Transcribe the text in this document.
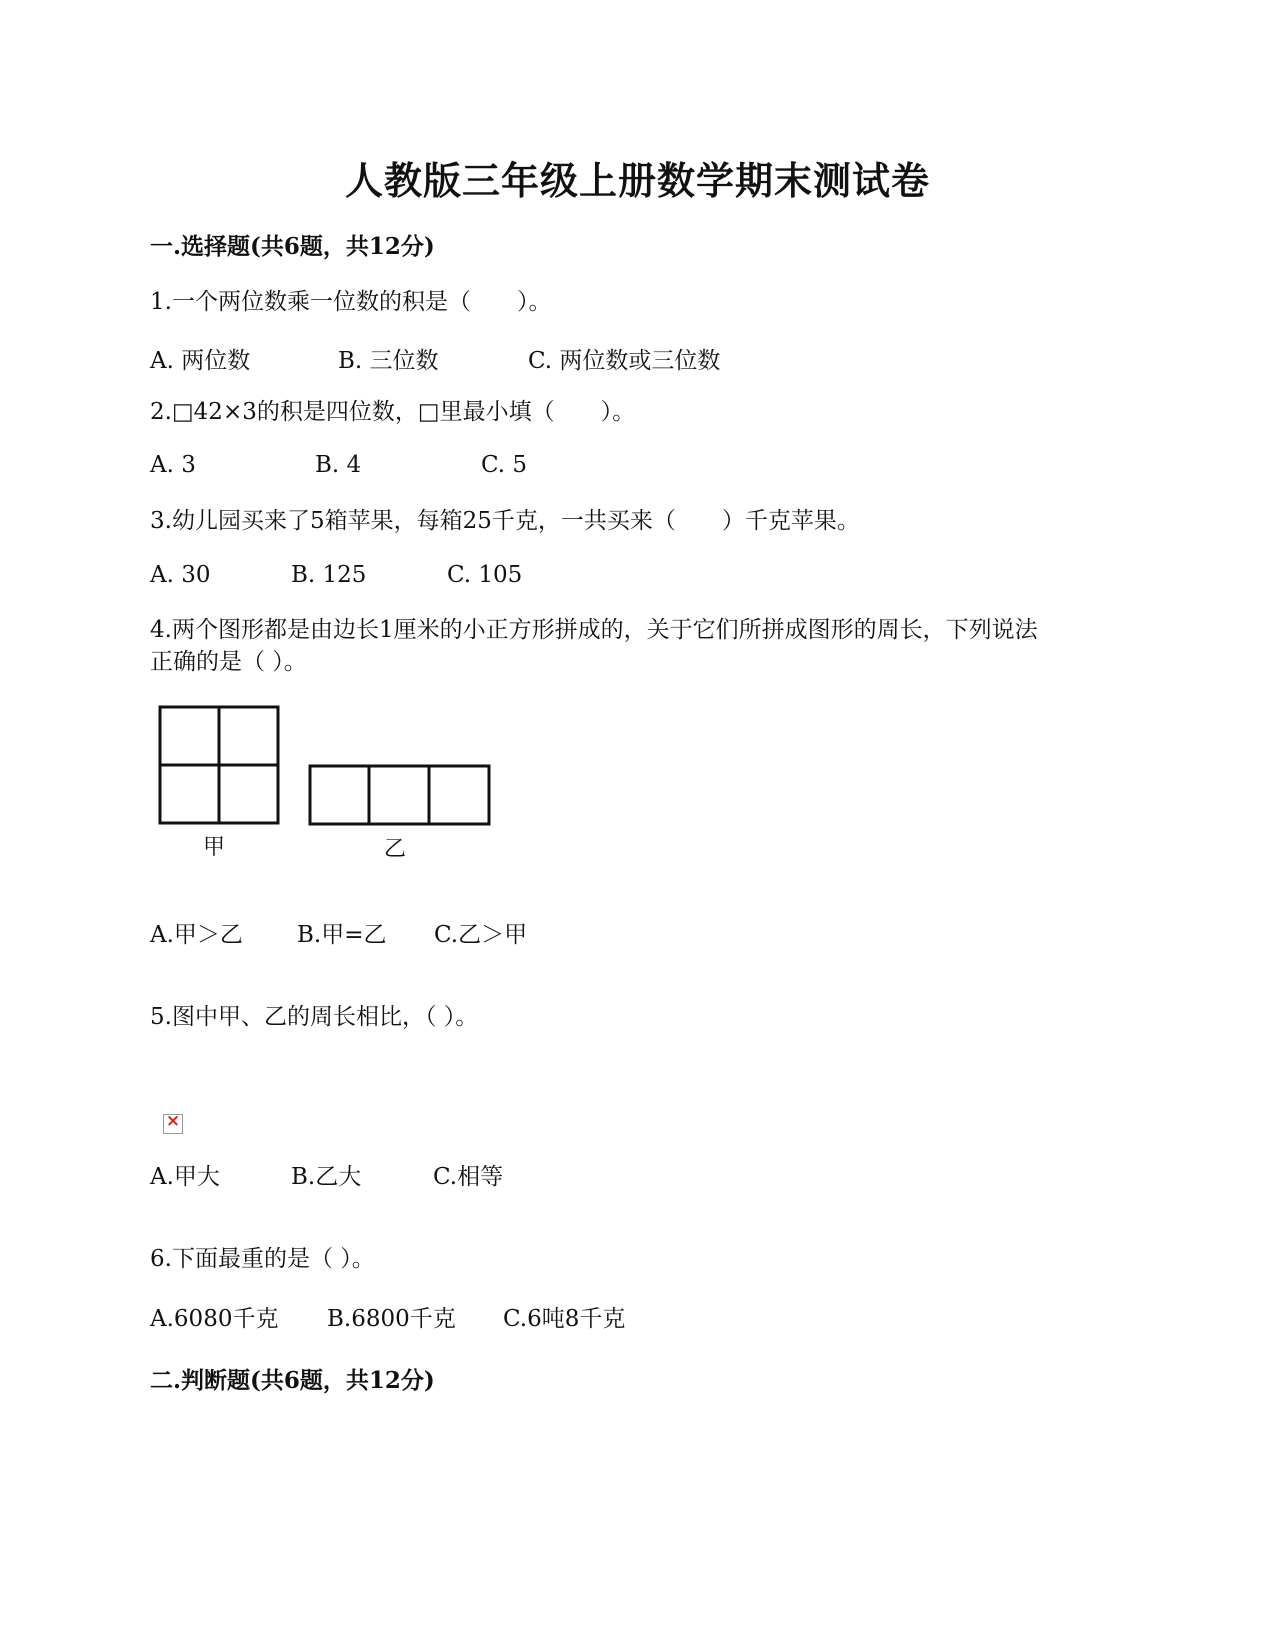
人教版三年级上册数学期末测试卷
一.选择题(共6题，共12分)
1.一个两位数乘一位数的积是（　　）。
A. 两位数	B. 三位数	C. 两位数或三位数
2.□42×3的积是四位数，□里最小填（　　）。
A. 3	B. 4	C. 5
3.幼儿园买来了5箱苹果，每箱25千克，一共买来（　　）千克苹果。
A. 30	B. 125	C. 105
4.两个图形都是由边长1厘米的小正方形拼成的，关于它们所拼成图形的周长，下列说法
正确的是（ ）。
甲	乙
A.甲＞乙 B.甲=乙 C.乙＞甲
5.图中甲、乙的周长相比，（ ）。
×
A.甲大	B.乙大	C.相等
6.下面最重的是（ ）。
A.6080千克 B.6800千克 C.6吨8千克
二.判断题(共6题，共12分)
